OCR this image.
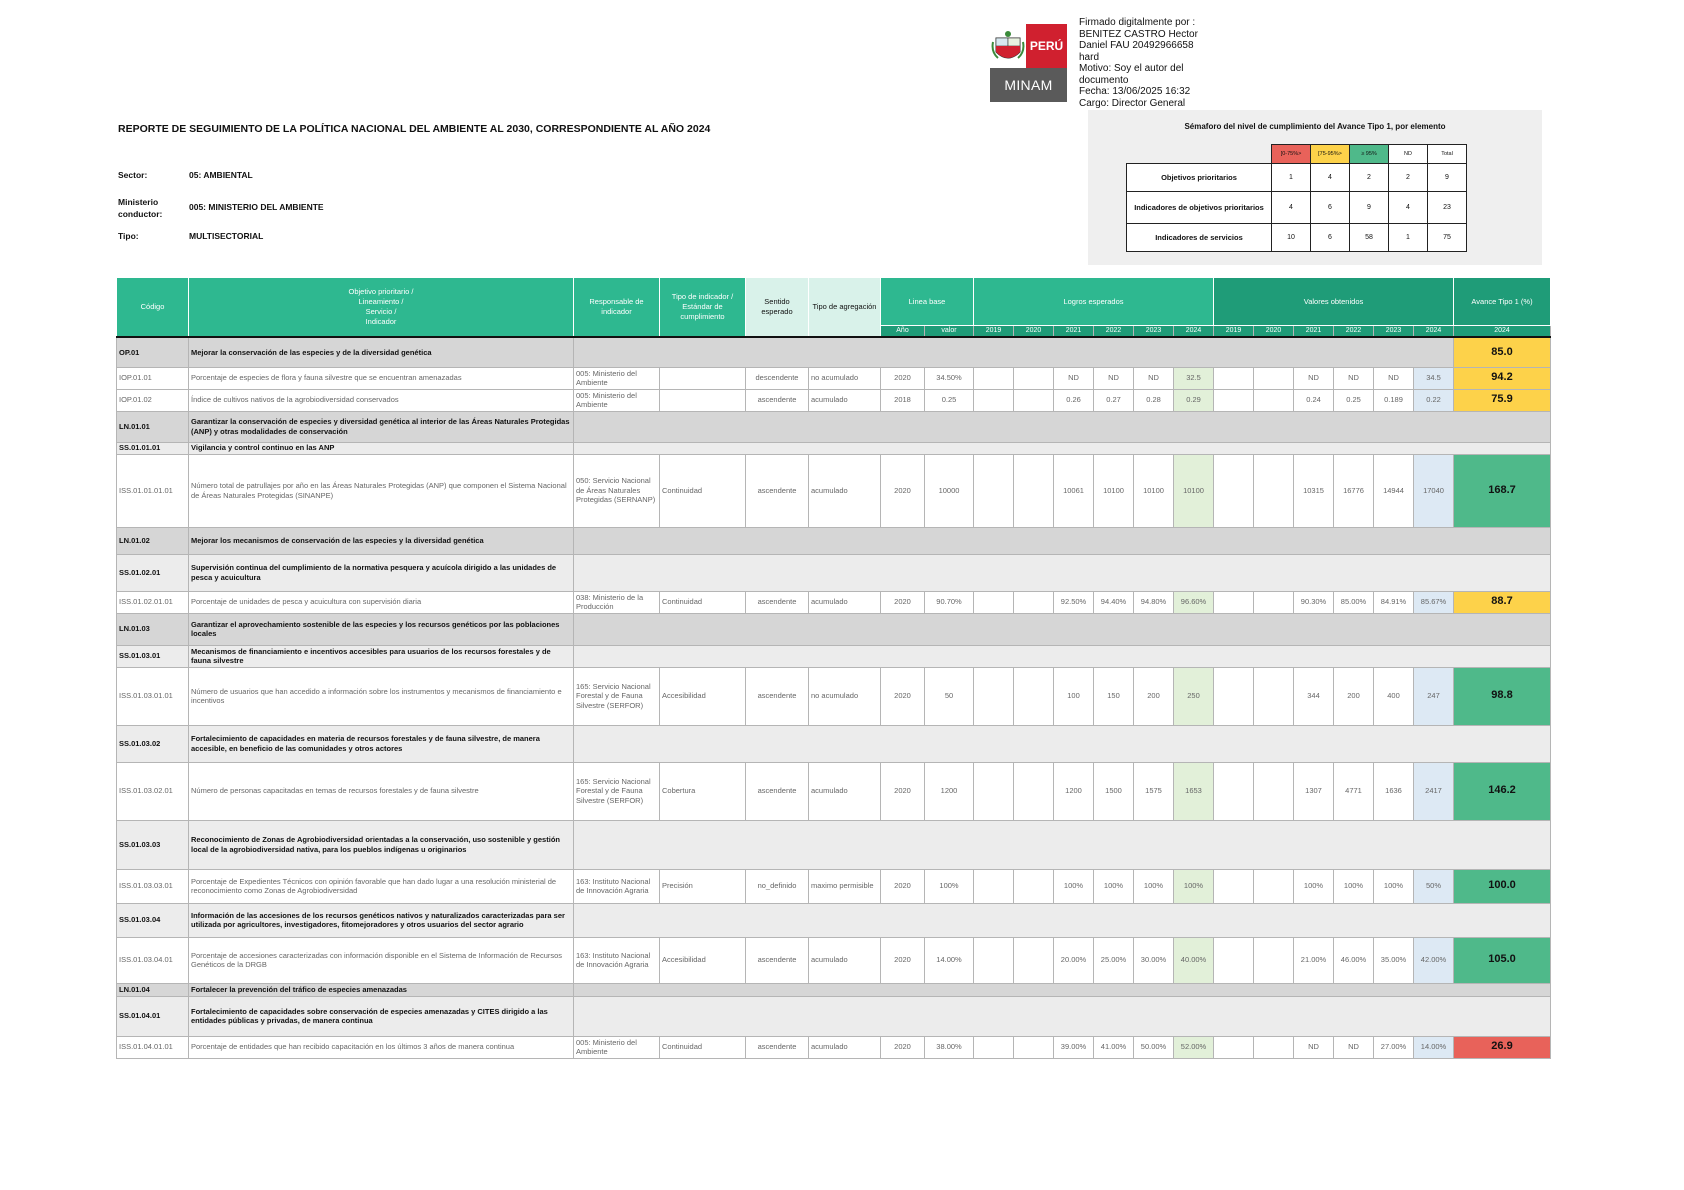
PERÚ
MINAM
Firmado digitalmente por :
BENITEZ CASTRO Hector
Daniel FAU 20492966658
hard
Motivo: Soy el autor del
documento
Fecha: 13/06/2025 16:32
Cargo: Director General
REPORTE DE SEGUIMIENTO DE LA POLÍTICA NACIONAL DEL AMBIENTE AL 2030, CORRESPONDIENTE AL AÑO 2024
Sector:	05: AMBIENTAL
Ministerio conductor:
005: MINISTERIO DEL AMBIENTE
Tipo:	MULTISECTORIAL
Sémaforo del nivel de cumplimiento del Avance Tipo 1, por elemento
	[0-75%>	[75-95%>	≥ 95%	ND	Total
Objetivos prioritarios	1	4	2	2	9
Indicadores de objetivos prioritarios	4	6	9	4	23
Indicadores de servicios	10	6	58	1	75
Código	Objetivo prioritario /
Lineamiento /
Servicio /
Indicador	Responsable de indicador	Tipo de indicador / Estándar de cumplimiento	Sentido esperado	Tipo de agregación	Linea base		Logros esperados						Valores obtenidos						Avance Tipo 1 (%)
						Año	valor	2019	2020	2021	2022	2023	2024	2019	2020	2021	2022	2023	2024	2024
OP.01	Mejorar la conservación de las especies y de la diversidad genética																			85.0
IOP.01.01	Porcentaje de especies de flora y fauna silvestre que se encuentran amenazadas	005: Ministerio del Ambiente		descendente	no acumulado	2020	34.50%			ND	ND	ND	32.5			ND	ND	ND	34.5	94.2
IOP.01.02	Índice de cultivos nativos de la agrobiodiversidad conservados	005: Ministerio del Ambiente		ascendente	acumulado	2018	0.25			0.26	0.27	0.28	0.29			0.24	0.25	0.189	0.22	75.9
LN.01.01	Garantizar la conservación de especies y diversidad genética al interior de las Áreas Naturales Protegidas (ANP) y otras modalidades de conservación																			
SS.01.01.01	Vigilancia y control continuo en las ANP																			
ISS.01.01.01.01	Número total de patrullajes por año en las Áreas Naturales Protegidas (ANP) que componen el Sistema Nacional de Áreas Naturales Protegidas (SINANPE)	050: Servicio Nacional de Áreas Naturales Protegidas (SERNANP)	Continuidad	ascendente	acumulado	2020	10000			10061	10100	10100	10100			10315	16776	14944	17040	168.7
LN.01.02	Mejorar los mecanismos de conservación de las especies y la diversidad genética																			
SS.01.02.01	Supervisión continua del cumplimiento de la normativa pesquera y acuícola dirigido a las unidades de pesca y acuicultura																			
ISS.01.02.01.01	Porcentaje de unidades de pesca y acuicultura con supervisión diaria	038: Ministerio de la Producción	Continuidad	ascendente	acumulado	2020	90.70%			92.50%	94.40%	94.80%	96.60%			90.30%	85.00%	84.91%	85.67%	88.7
LN.01.03	Garantizar el aprovechamiento sostenible de las especies y los recursos genéticos por las poblaciones locales																			
SS.01.03.01	Mecanismos de financiamiento e incentivos accesibles para usuarios de los recursos forestales y de fauna silvestre																			
ISS.01.03.01.01	Número de usuarios que han accedido a información sobre los instrumentos y mecanismos de financiamiento e incentivos	165: Servicio Nacional Forestal y de Fauna Silvestre (SERFOR)	Accesibilidad	ascendente	no acumulado	2020	50			100	150	200	250			344	200	400	247	98.8
SS.01.03.02	Fortalecimiento de capacidades en materia de recursos forestales y de fauna silvestre, de manera accesible, en beneficio de las comunidades y otros actores																			
ISS.01.03.02.01	Número de personas capacitadas en temas de recursos forestales y de fauna silvestre	165: Servicio Nacional Forestal y de Fauna Silvestre (SERFOR)	Cobertura	ascendente	acumulado	2020	1200			1200	1500	1575	1653			1307	4771	1636	2417	146.2
SS.01.03.03	Reconocimiento de Zonas de Agrobiodiversidad orientadas a la conservación, uso sostenible y gestión local de la agrobiodiversidad nativa, para los pueblos indígenas u originarios																			
ISS.01.03.03.01	Porcentaje de Expedientes Técnicos con opinión favorable que han dado lugar a una resolución ministerial de reconocimiento como Zonas de Agrobiodiversidad	163: Instituto Nacional de Innovación Agraria	Precisión	no_definido	maximo permisible	2020	100%			100%	100%	100%	100%			100%	100%	100%	50%	100.0
SS.01.03.04	Información de las accesiones de los recursos genéticos nativos y naturalizados caracterizadas para ser utilizada por agricultores, investigadores, fitomejoradores y otros usuarios del sector agrario																			
ISS.01.03.04.01	Porcentaje de accesiones caracterizadas con información disponible en el Sistema de Información de Recursos Genéticos de la DRGB	163: Instituto Nacional de Innovación Agraria	Accesibilidad	ascendente	acumulado	2020	14.00%			20.00%	25.00%	30.00%	40.00%			21.00%	46.00%	35.00%	42.00%	105.0
LN.01.04	Fortalecer la prevención del tráfico de especies amenazadas																			
SS.01.04.01	Fortalecimiento de capacidades sobre conservación de especies amenazadas y CITES dirigido a las entidades públicas y privadas, de manera continua																			
ISS.01.04.01.01	Porcentaje de entidades que han recibido capacitación en los últimos 3 años de manera continua	005: Ministerio del Ambiente	Continuidad	ascendente	acumulado	2020	38.00%			39.00%	41.00%	50.00%	52.00%			ND	ND	27.00%	14.00%	26.9
